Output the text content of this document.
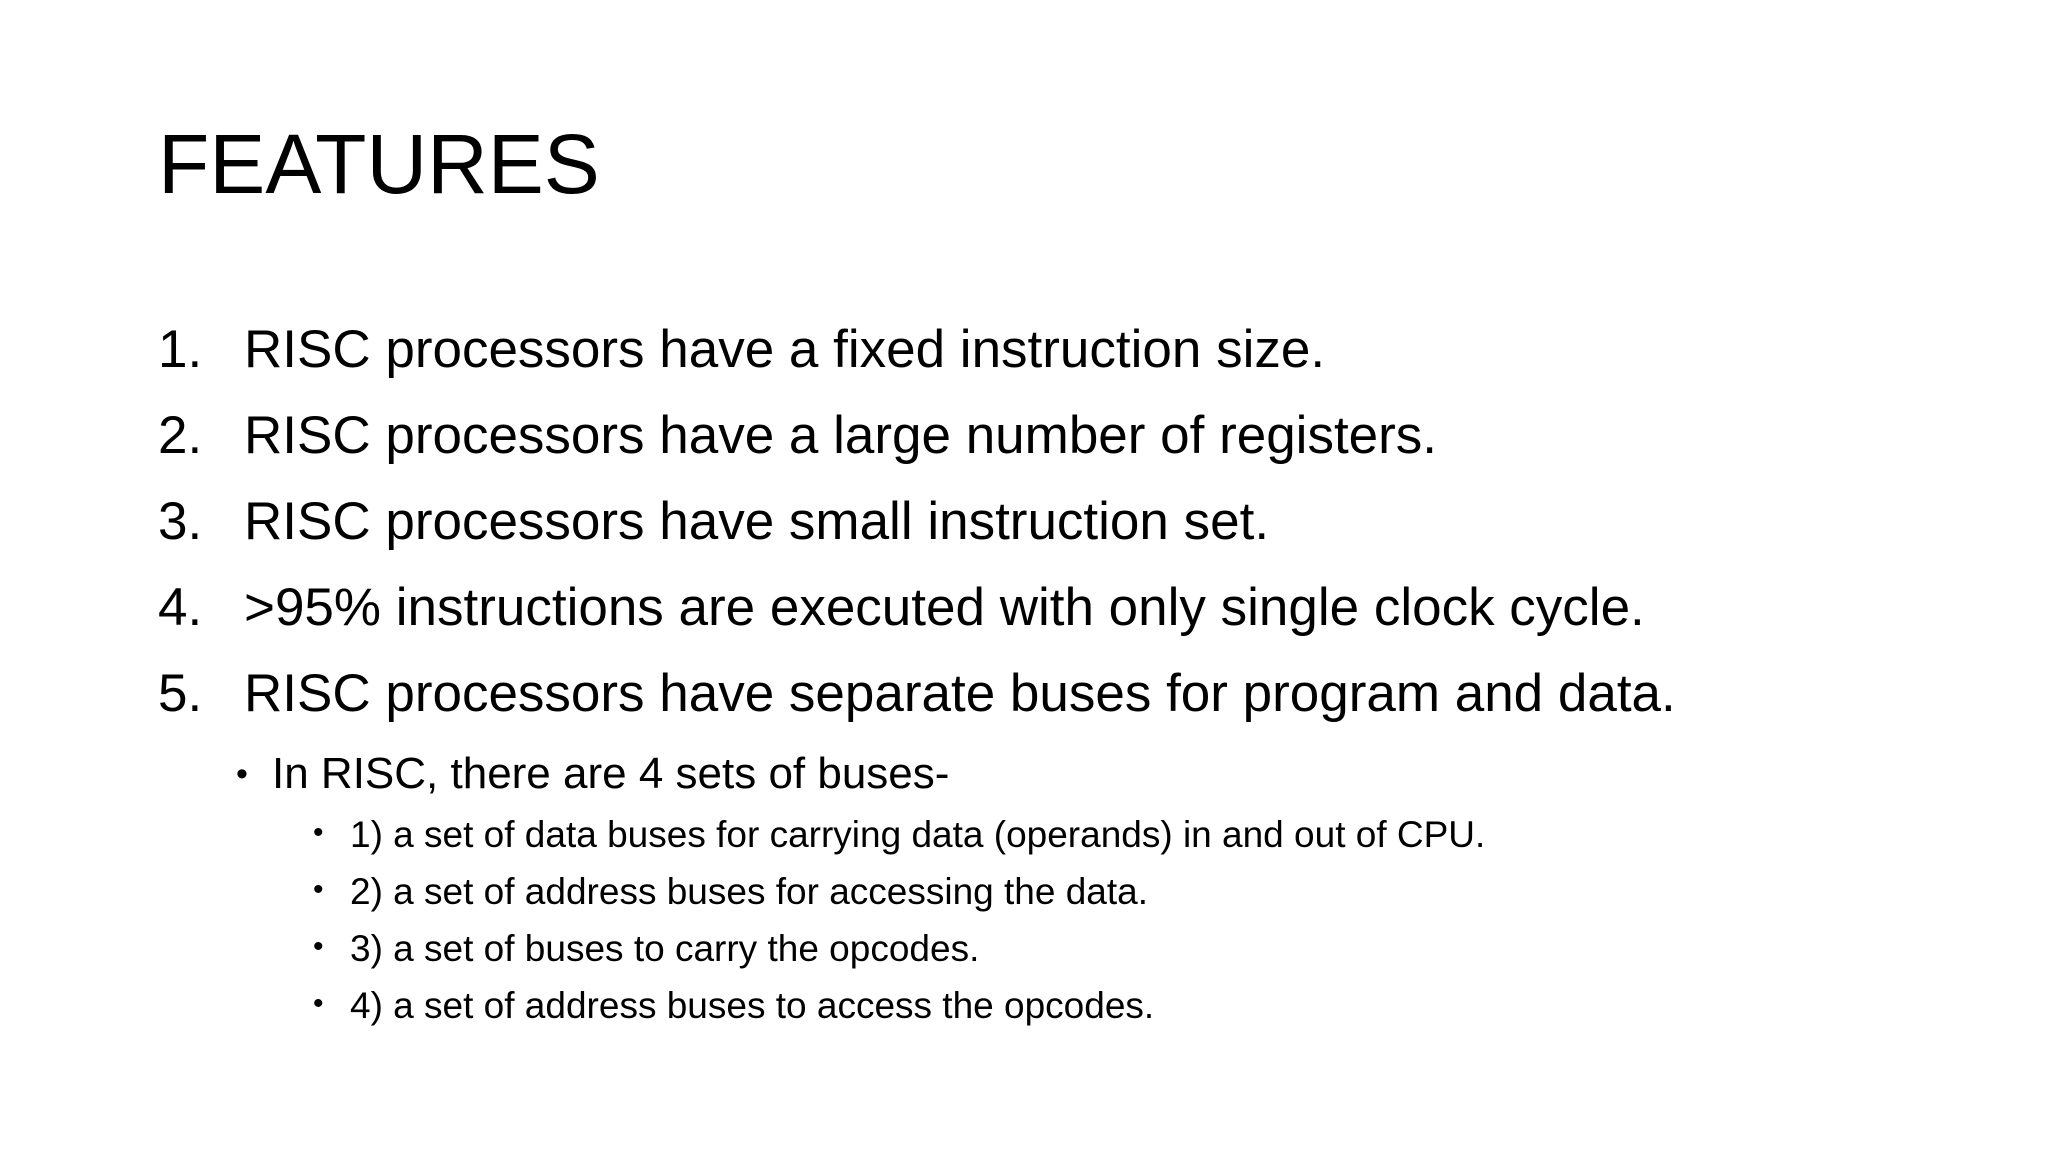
FEATURES
1. RISC processors have a fixed instruction size.
2. RISC processors have a large number of registers.
3. RISC processors have small instruction set.
4. >95% instructions are executed with only single clock cycle.
5. RISC processors have separate buses for program and data.
• In RISC, there are 4 sets of buses-
• 1) a set of data buses for carrying data (operands) in and out of CPU.
• 2) a set of address buses for accessing the data.
• 3) a set of buses to carry the opcodes.
• 4) a set of address buses to access the opcodes.
